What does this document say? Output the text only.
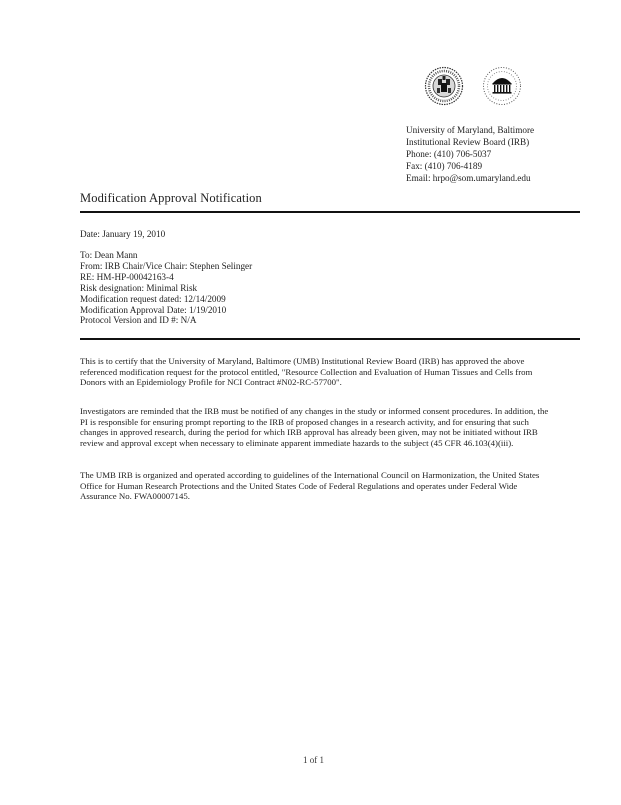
University of Maryland, Baltimore
Institutional Review Board (IRB)
Phone: (410) 706-5037
Fax: (410) 706-4189
Email: hrpo@som.umaryland.edu
Modification Approval Notification
Date: January 19, 2010
To: Dean Mann
From: IRB Chair/Vice Chair: Stephen Selinger
RE: HM-HP-00042163-4
Risk designation: Minimal Risk
Modification request dated: 12/14/2009
Modification Approval Date: 1/19/2010
Protocol Version and ID #: N/A
This is to certify that the University of Maryland, Baltimore (UMB) Institutional Review Board (IRB) has approved the above referenced modification request for the protocol entitled, "Resource Collection and Evaluation of Human Tissues and Cells from Donors with an Epidemiology Profile for NCI Contract #N02-RC-57700".
Investigators are reminded that the IRB must be notified of any changes in the study or informed consent procedures. In addition, the PI is responsible for ensuring prompt reporting to the IRB of proposed changes in a research activity, and for ensuring that such changes in approved research, during the period for which IRB approval has already been given, may not be initiated without IRB review and approval except when necessary to eliminate apparent immediate hazards to the subject (45 CFR 46.103(4)(iii).
The UMB IRB is organized and operated according to guidelines of the International Council on Harmonization, the United States Office for Human Research Protections and the United States Code of Federal Regulations and operates under Federal Wide Assurance No. FWA00007145.
1 of 1
